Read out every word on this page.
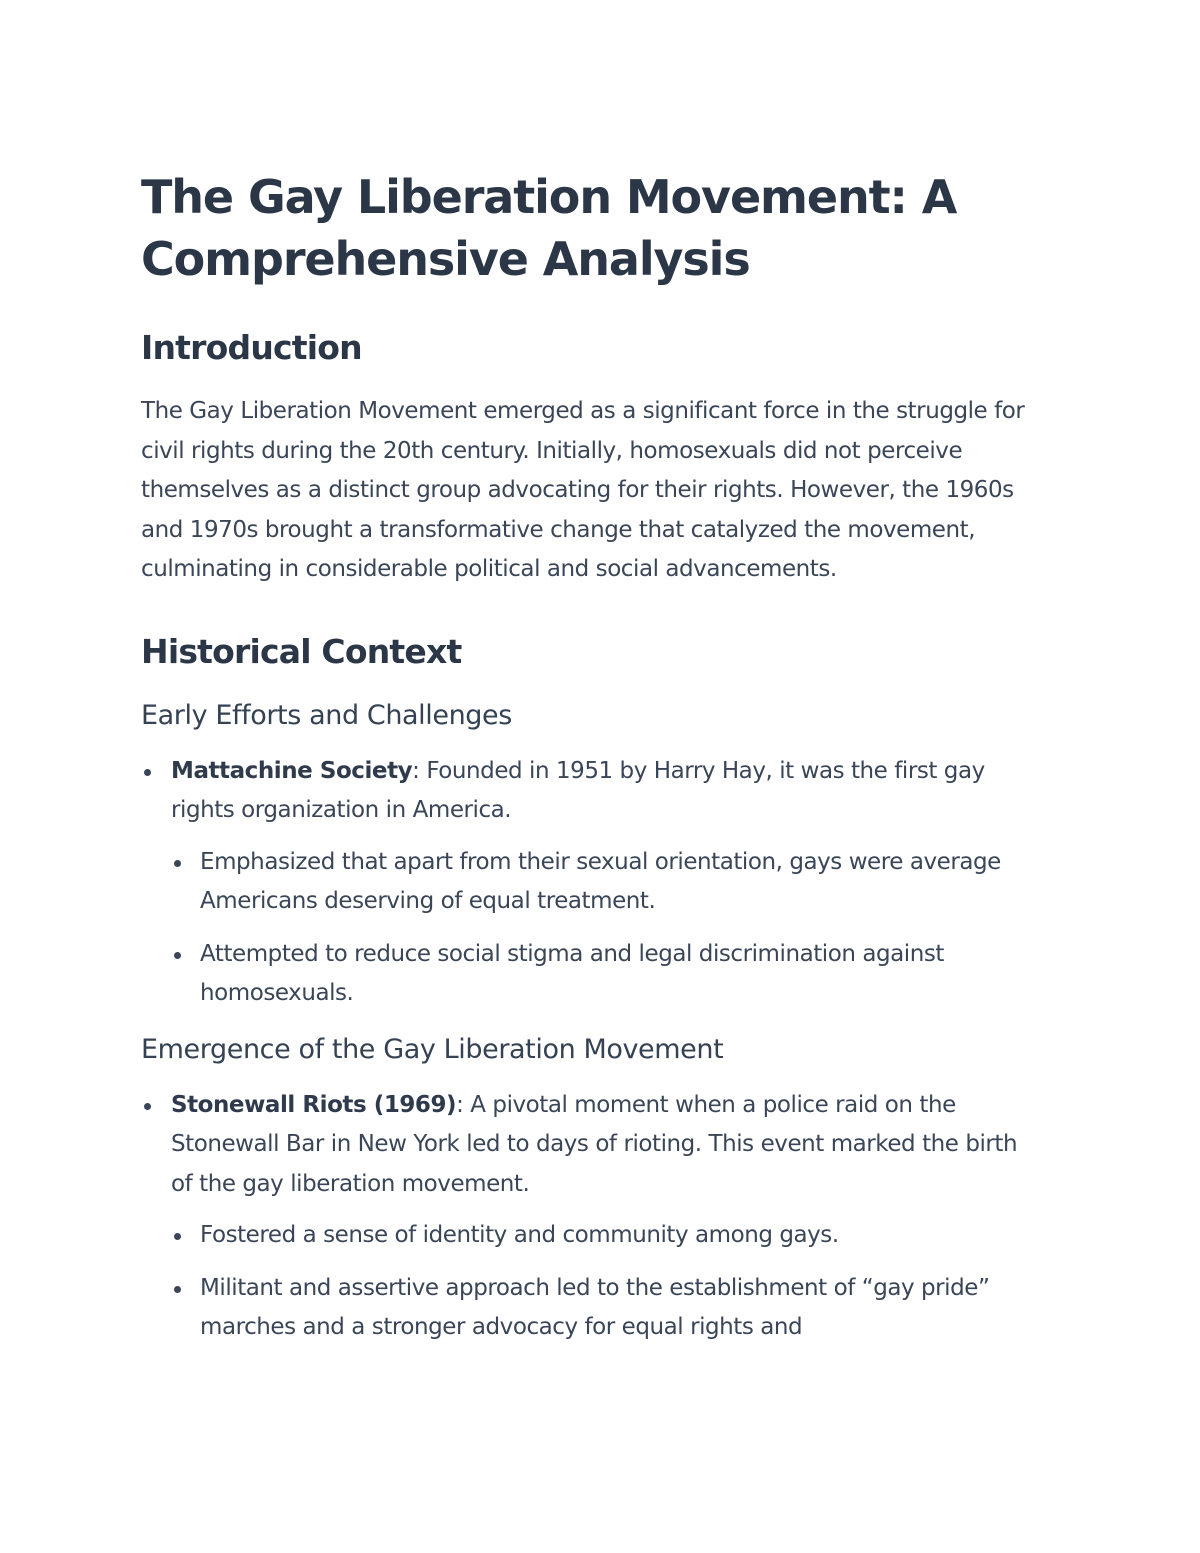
The Gay Liberation Movement: A Comprehensive Analysis
Introduction

The Gay Liberation Movement emerged as a significant force in the struggle for civil rights during the 20th century. Initially, homosexuals did not perceive themselves as a distinct group advocating for their rights. However, the 1960s and 1970s brought a transformative change that catalyzed the movement, culminating in considerable political and social advancements.

Historical Context
Early Efforts and Challenges
Mattachine Society: Founded in 1951 by Harry Hay, it was the first gay rights organization in America.
Emphasized that apart from their sexual orientation, gays were average Americans deserving of equal treatment.
Attempted to reduce social stigma and legal discrimination against homosexuals.
Emergence of the Gay Liberation Movement
Stonewall Riots (1969): A pivotal moment when a police raid on the Stonewall Bar in New York led to days of rioting. This event marked the birth of the gay liberation movement.
Fostered a sense of identity and community among gays.
Militant and assertive approach led to the establishment of “gay pride” marches and a stronger advocacy for equal rights and
